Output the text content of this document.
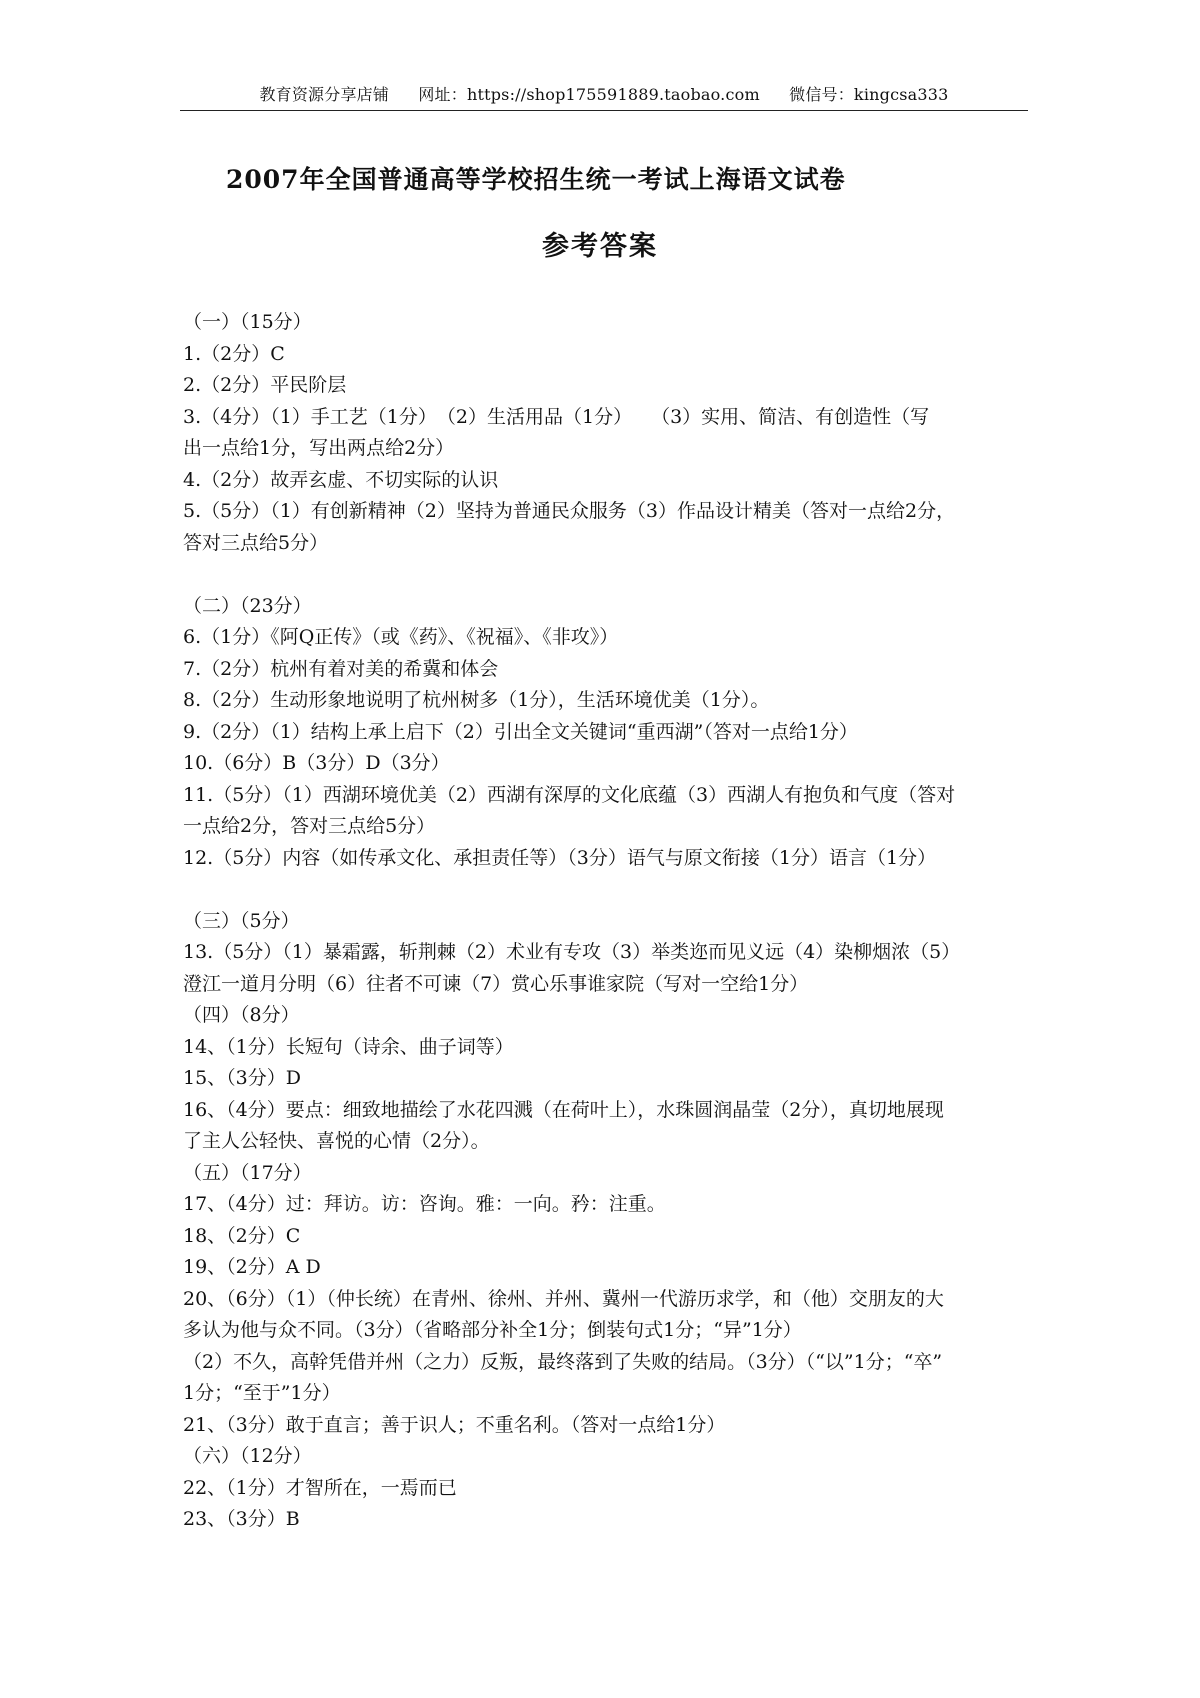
教育资源分享店铺 网址：https://shop175591889.taobao.com 微信号：kingcsa333
2007年全国普通高等学校招生统一考试上海语文试卷
参考答案
（一）（15分）
1.（2分）C
2.（2分）平民阶层
3.（4分）（1）手工艺（1分）　（2）生活用品（1分）　　（3）实用、简洁、有创造性（写
出一点给1分，写出两点给2分）
4.（2分）故弄玄虚、不切实际的认识
5.（5分）（1）有创新精神（2）坚持为普通民众服务（3）作品设计精美（答对一点给2分，
答对三点给5分）
（二）（23分）
6.（1分）《阿Q正传》（或《药》、《祝福》、《非攻》）
7.（2分）杭州有着对美的希冀和体会
8.（2分）生动形象地说明了杭州树多（1分），生活环境优美（1分）。
9.（2分）（1）结构上承上启下（2）引出全文关键词“重西湖”（答对一点给1分）
10.（6分）B（3分）D（3分）
11.（5分）（1）西湖环境优美（2）西湖有深厚的文化底蕴（3）西湖人有抱负和气度（答对
一点给2分，答对三点给5分）
12.（5分）内容（如传承文化、承担责任等）（3分）语气与原文衔接（1分）语言（1分）
（三）（5分）
13.（5分）（1）暴霜露，斩荆棘（2）术业有专攻（3）举类迩而见义远（4）染柳烟浓（5）
澄江一道月分明（6）往者不可谏（7）赏心乐事谁家院（写对一空给1分）
（四）（8分）
14、（1分）长短句（诗余、曲子词等）
15、（3分）D
16、（4分）要点：细致地描绘了水花四溅（在荷叶上），水珠圆润晶莹（2分），真切地展现
了主人公轻快、喜悦的心情（2分）。
（五）（17分）
17、（4分）过：拜访。访：咨询。雅：一向。矜：注重。
18、（2分）C
19、（2分）A D
20、（6分）（1）（仲长统）在青州、徐州、并州、冀州一代游历求学，和（他）交朋友的大
多认为他与众不同。（3分）（省略部分补全1分；倒装句式1分；“异”1分）
（2）不久，高幹凭借并州（之力）反叛，最终落到了失败的结局。（3分）（“以”1分；“卒”
1分；“至于”1分）
21、（3分）敢于直言；善于识人；不重名利。（答对一点给1分）
（六）（12分）
22、（1分）才智所在，一焉而已
23、（3分）B
